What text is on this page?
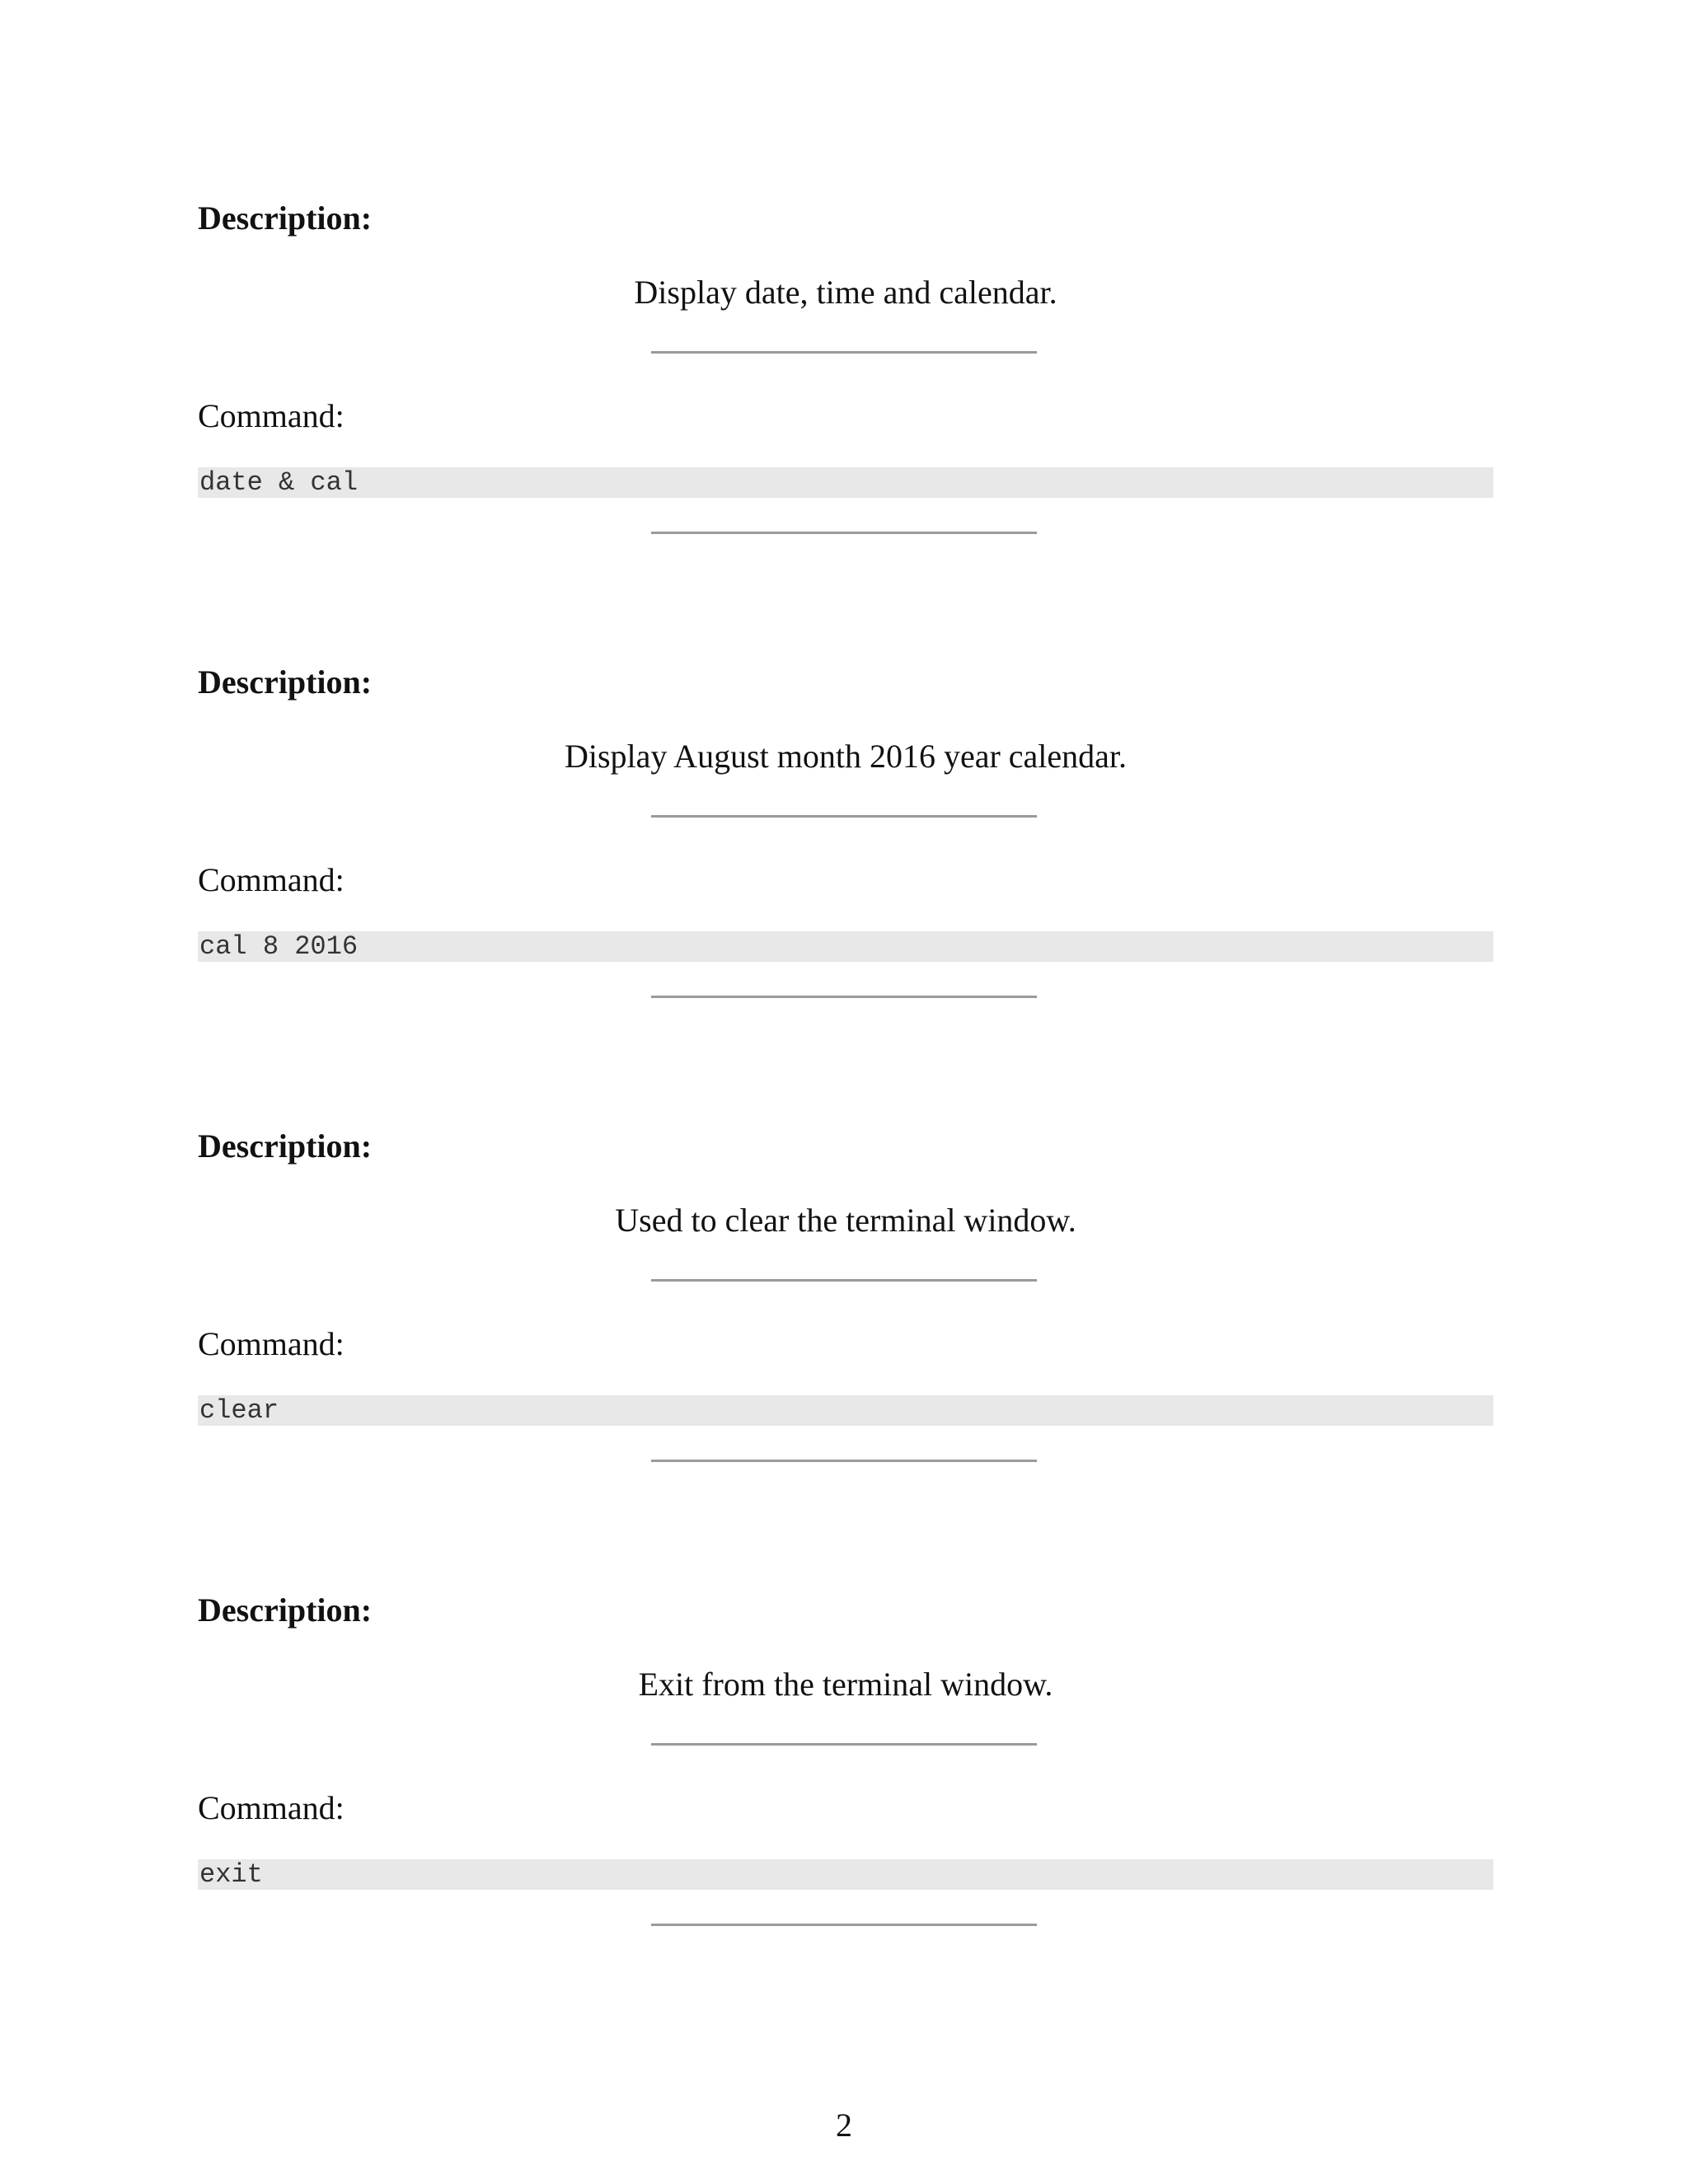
Description:
Display date, time and calendar.
Command:
date & cal
Description:
Display August month 2016 year calendar.
Command:
cal 8 2016
Description:
Used to clear the terminal window.
Command:
clear
Description:
Exit from the terminal window.
Command:
exit
2
